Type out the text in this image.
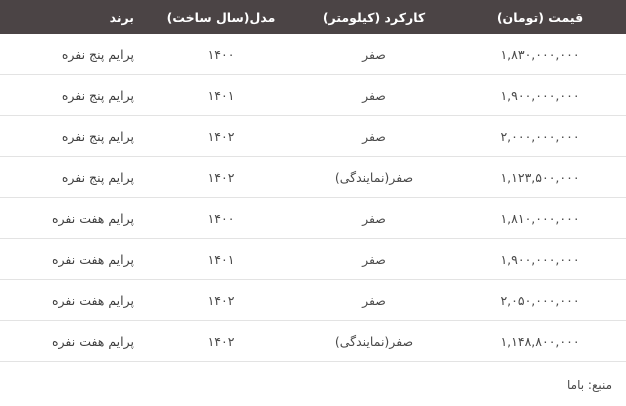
قیمت (تومان)	کارکرد (کیلومتر)	مدل(سال ساخت)	برند
۱,۸۳۰,۰۰۰,۰۰۰	صفر	۱۴۰۰	پرایم پنج نفره
۱,۹۰۰,۰۰۰,۰۰۰	صفر	۱۴۰۱	پرایم پنج نفره
۲,۰۰۰,۰۰۰,۰۰۰	صفر	۱۴۰۲	پرایم پنج نفره
۱,۱۲۳,۵۰۰,۰۰۰	صفر(نمایندگی)	۱۴۰۲	پرایم پنج نفره
۱,۸۱۰,۰۰۰,۰۰۰	صفر	۱۴۰۰	پرایم هفت نفره
۱,۹۰۰,۰۰۰,۰۰۰	صفر	۱۴۰۱	پرایم هفت نفره
۲,۰۵۰,۰۰۰,۰۰۰	صفر	۱۴۰۲	پرایم هفت نفره
۱,۱۴۸,۸۰۰,۰۰۰	صفر(نمایندگی)	۱۴۰۲	پرایم هفت نفره
منبع: باما
